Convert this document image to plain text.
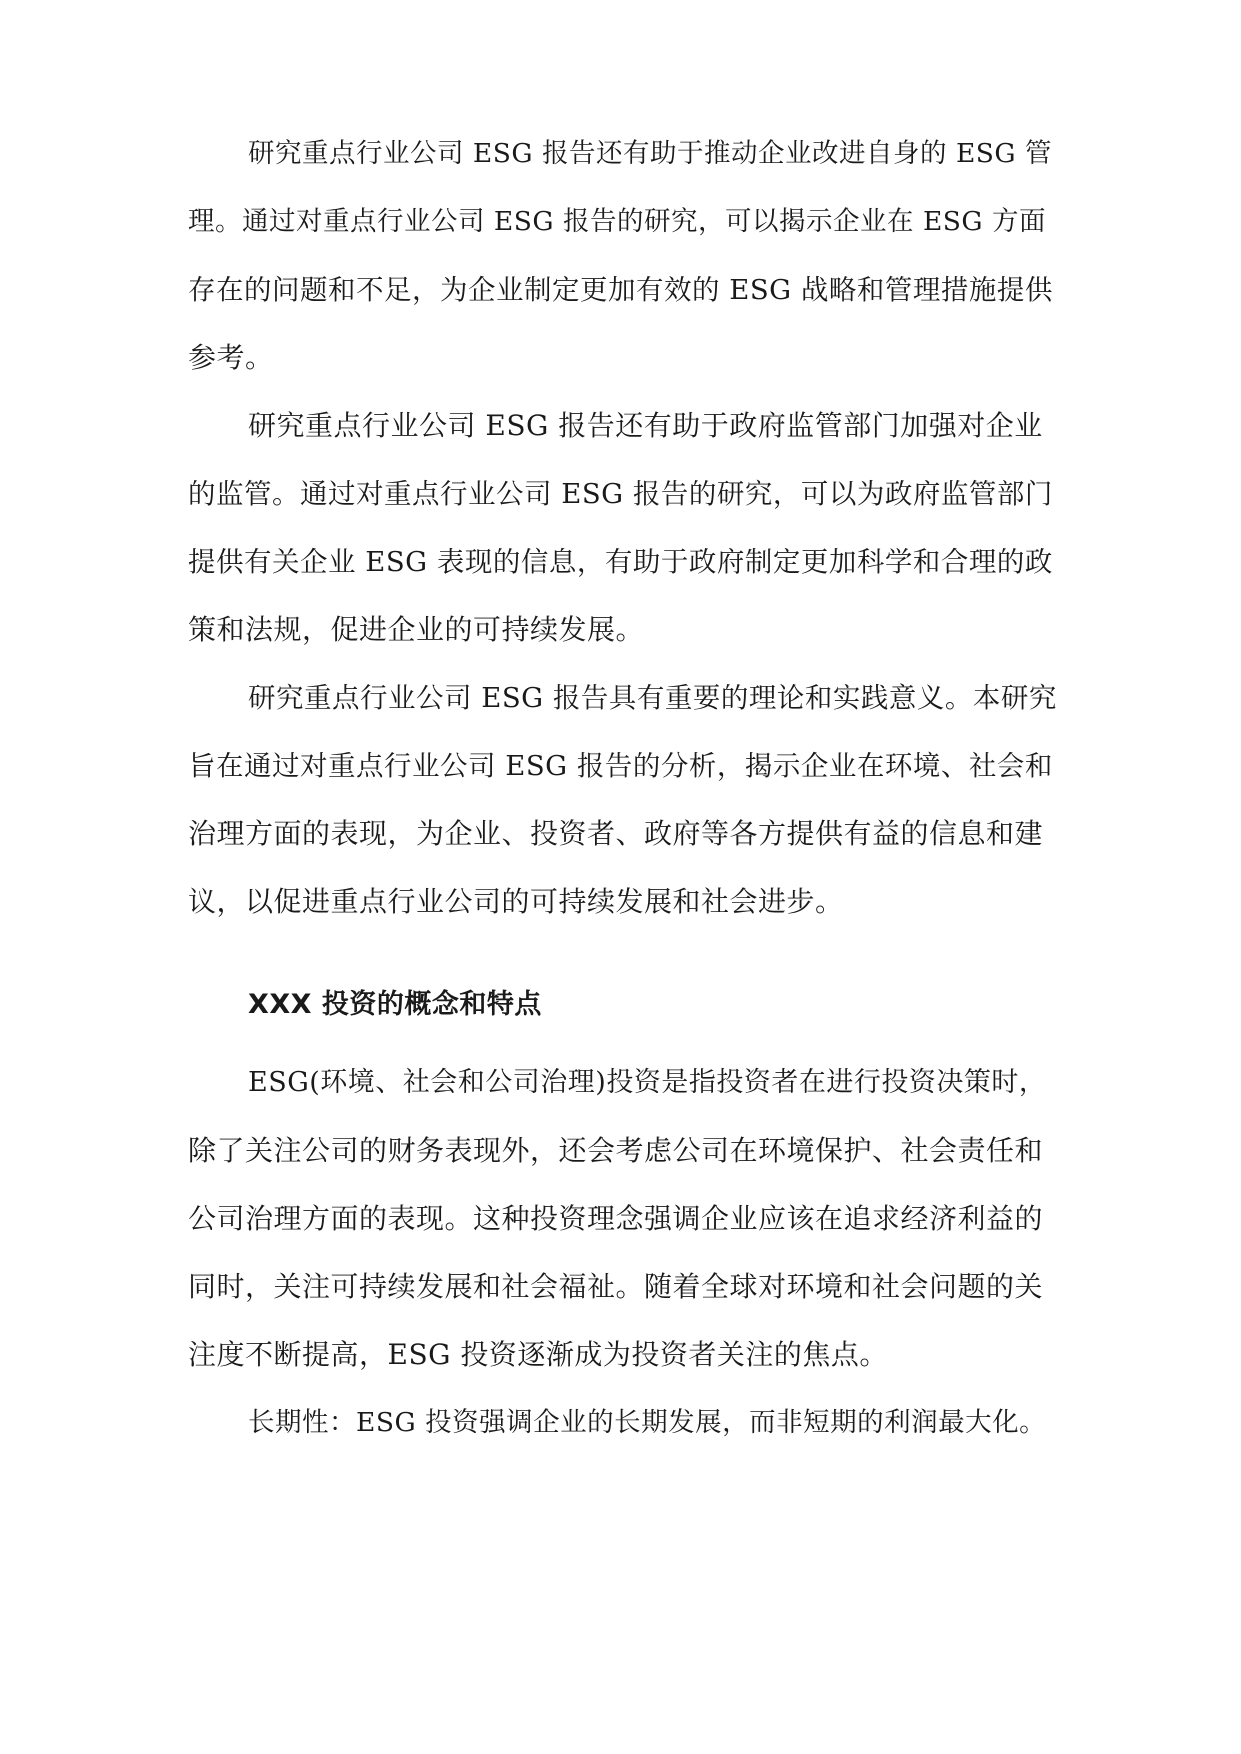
研究重点行业公司 ESG 报告还有助于推动企业改进自身的 ESG 管
理。通过对重点行业公司 ESG 报告的研究，可以揭示企业在 ESG 方面
存在的问题和不足，为企业制定更加有效的 ESG 战略和管理措施提供
参考。
研究重点行业公司 ESG 报告还有助于政府监管部门加强对企业
的监管。通过对重点行业公司 ESG 报告的研究，可以为政府监管部门
提供有关企业 ESG 表现的信息，有助于政府制定更加科学和合理的政
策和法规，促进企业的可持续发展。
研究重点行业公司 ESG 报告具有重要的理论和实践意义。本研究
旨在通过对重点行业公司 ESG 报告的分析，揭示企业在环境、社会和
治理方面的表现，为企业、投资者、政府等各方提供有益的信息和建
议，以促进重点行业公司的可持续发展和社会进步。
XXX 投资的概念和特点
ESG(环境、社会和公司治理)投资是指投资者在进行投资决策时，
除了关注公司的财务表现外，还会考虑公司在环境保护、社会责任和
公司治理方面的表现。这种投资理念强调企业应该在追求经济利益的
同时，关注可持续发展和社会福祉。随着全球对环境和社会问题的关
注度不断提高，ESG 投资逐渐成为投资者关注的焦点。
长期性：ESG 投资强调企业的长期发展，而非短期的利润最大化。
